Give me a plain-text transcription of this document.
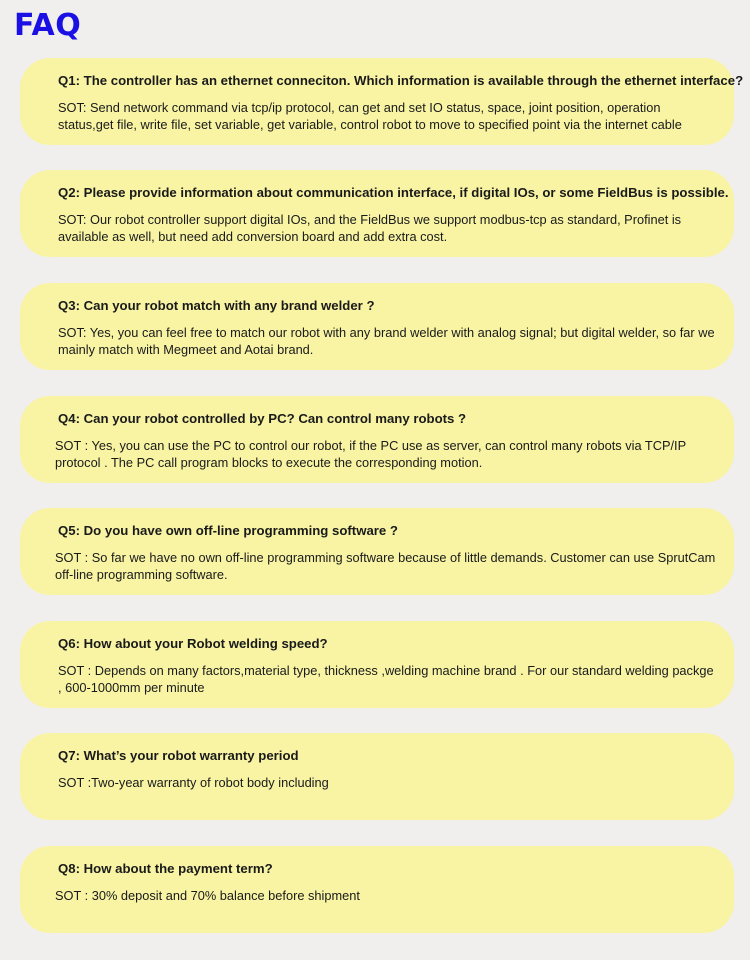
FAQ

Q1: The controller has an ethernet conneciton. Which information is available through the ethernet interface?

SOT: Send network command via tcp/ip protocol, can get and set IO status, space, joint position, operation status,get file, write file, set variable, get variable, control robot to move to specified point via the internet cable

Q2: Please provide information about communication interface, if digital IOs, or some FieldBus is possible.

SOT: Our robot controller support digital IOs, and the FieldBus we support modbus-tcp as standard, Profinet is available as well, but need add conversion board and add extra cost.

Q3: Can your robot match with any brand welder ?

SOT: Yes, you can feel free to match our robot with any brand welder with analog signal; but digital welder, so far we mainly match with Megmeet and Aotai brand.

Q4: Can your robot controlled by PC? Can control many robots ?

SOT : Yes, you can use the PC to control our robot, if the PC use as server, can control many robots via TCP/IP protocol . The PC call program blocks to execute the corresponding motion.

Q5: Do you have own off-line programming software ?

SOT : So far we have no own off-line programming software because of little demands. Customer can use SprutCam off-line programming software.

Q6: How about your Robot welding speed?

SOT : Depends on many factors,material type, thickness ,welding machine brand . For our standard welding packge , 600-1000mm per minute

Q7: What’s your robot warranty period

SOT :Two-year warranty of robot body including

Q8: How about the payment term?

SOT : 30% deposit and 70% balance before shipment
